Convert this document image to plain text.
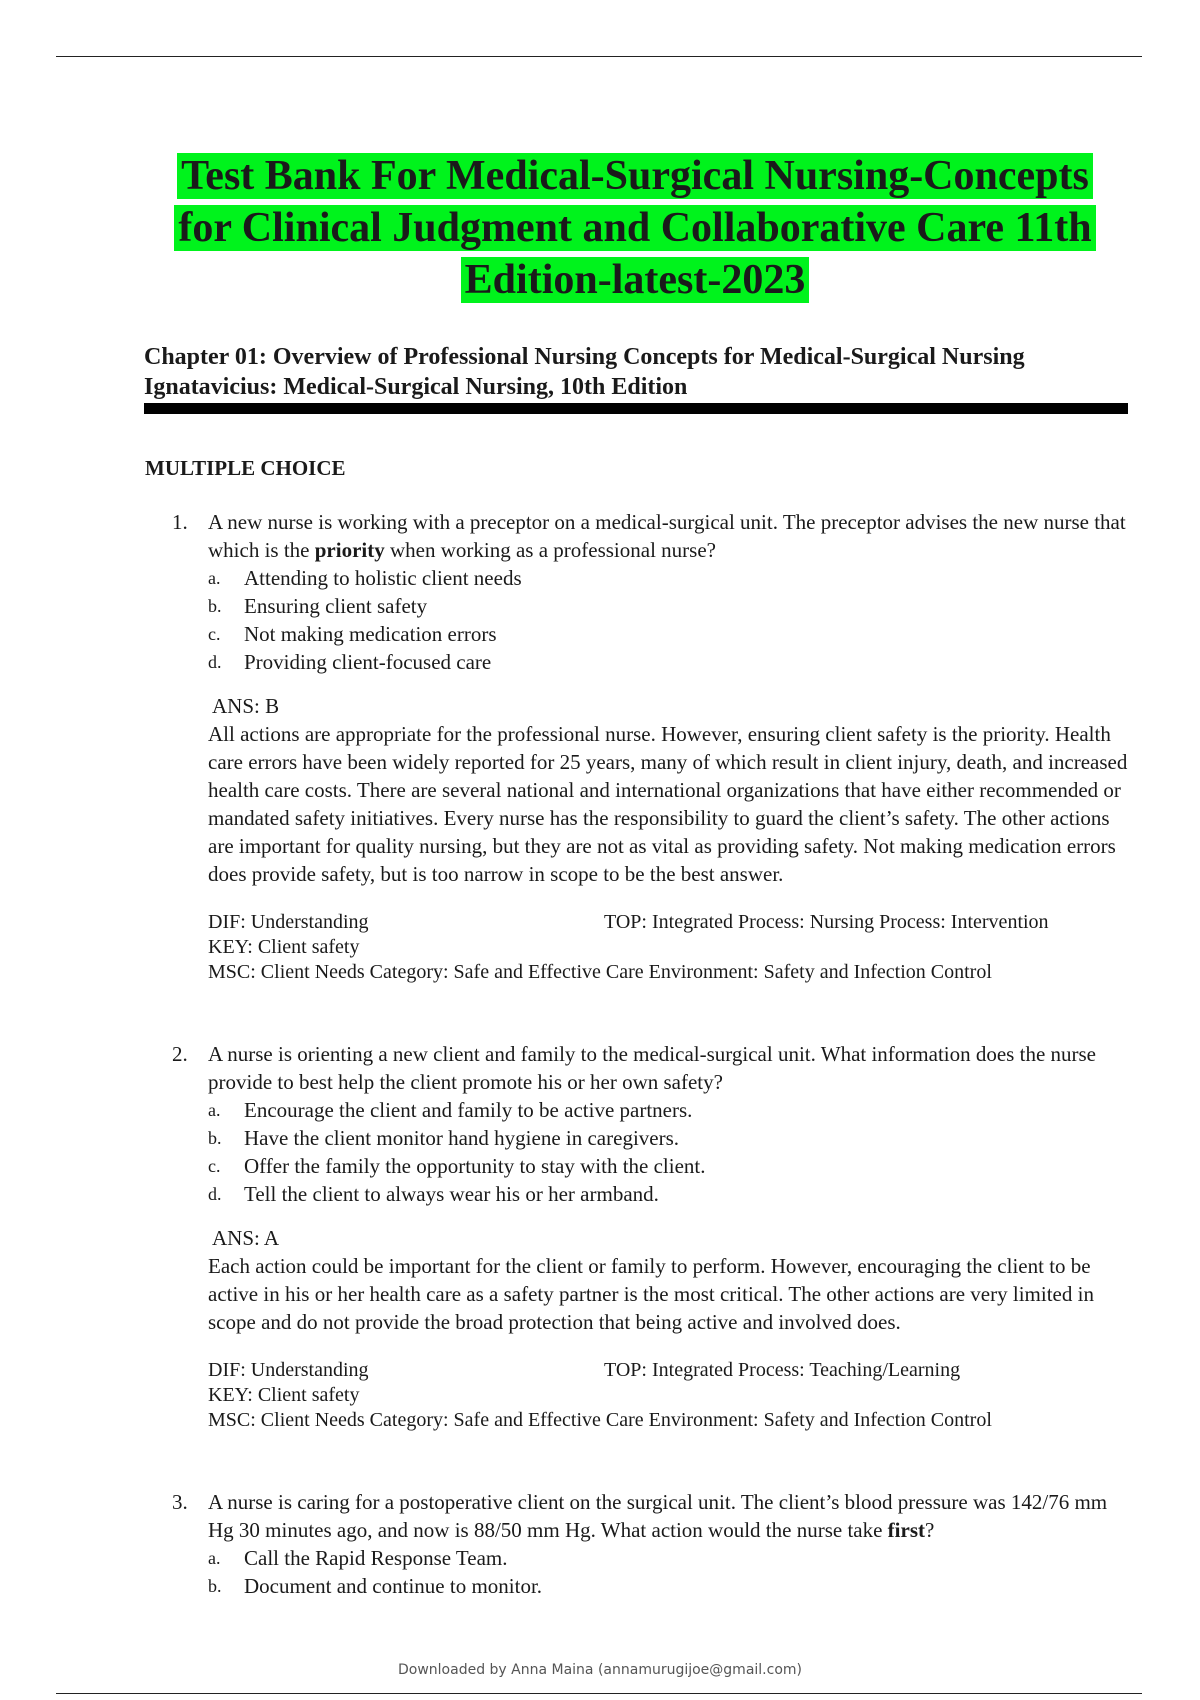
Test Bank For Medical-Surgical Nursing-Concepts
for Clinical Judgment and Collaborative Care 11th
Edition-latest-2023
Chapter 01: Overview of Professional Nursing Concepts for Medical-Surgical Nursing
Ignatavicius: Medical-Surgical Nursing, 10th Edition
MULTIPLE CHOICE
1. A new nurse is working with a preceptor on a medical-surgical unit. The preceptor advises the new nurse that which is the priority when working as a professional nurse?
a. Attending to holistic client needs
b. Ensuring client safety
c. Not making medication errors
d. Providing client-focused care
ANS: B
All actions are appropriate for the professional nurse. However, ensuring client safety is the priority. Health care errors have been widely reported for 25 years, many of which result in client injury, death, and increased health care costs. There are several national and international organizations that have either recommended or mandated safety initiatives. Every nurse has the responsibility to guard the client’s safety. The other actions are important for quality nursing, but they are not as vital as providing safety. Not making medication errors does provide safety, but is too narrow in scope to be the best answer.
DIF: Understanding	TOP: Integrated Process: Nursing Process: Intervention
KEY: Client safety
MSC: Client Needs Category: Safe and Effective Care Environment: Safety and Infection Control
2. A nurse is orienting a new client and family to the medical-surgical unit. What information does the nurse provide to best help the client promote his or her own safety?
a. Encourage the client and family to be active partners.
b. Have the client monitor hand hygiene in caregivers.
c. Offer the family the opportunity to stay with the client.
d. Tell the client to always wear his or her armband.
ANS: A
Each action could be important for the client or family to perform. However, encouraging the client to be active in his or her health care as a safety partner is the most critical. The other actions are very limited in scope and do not provide the broad protection that being active and involved does.
DIF: Understanding	TOP: Integrated Process: Teaching/Learning
KEY: Client safety
MSC: Client Needs Category: Safe and Effective Care Environment: Safety and Infection Control
3. A nurse is caring for a postoperative client on the surgical unit. The client’s blood pressure was 142/76 mm Hg 30 minutes ago, and now is 88/50 mm Hg. What action would the nurse take first?
a. Call the Rapid Response Team.
b. Document and continue to monitor.
Downloaded by Anna Maina (annamurugijoe@gmail.com)
